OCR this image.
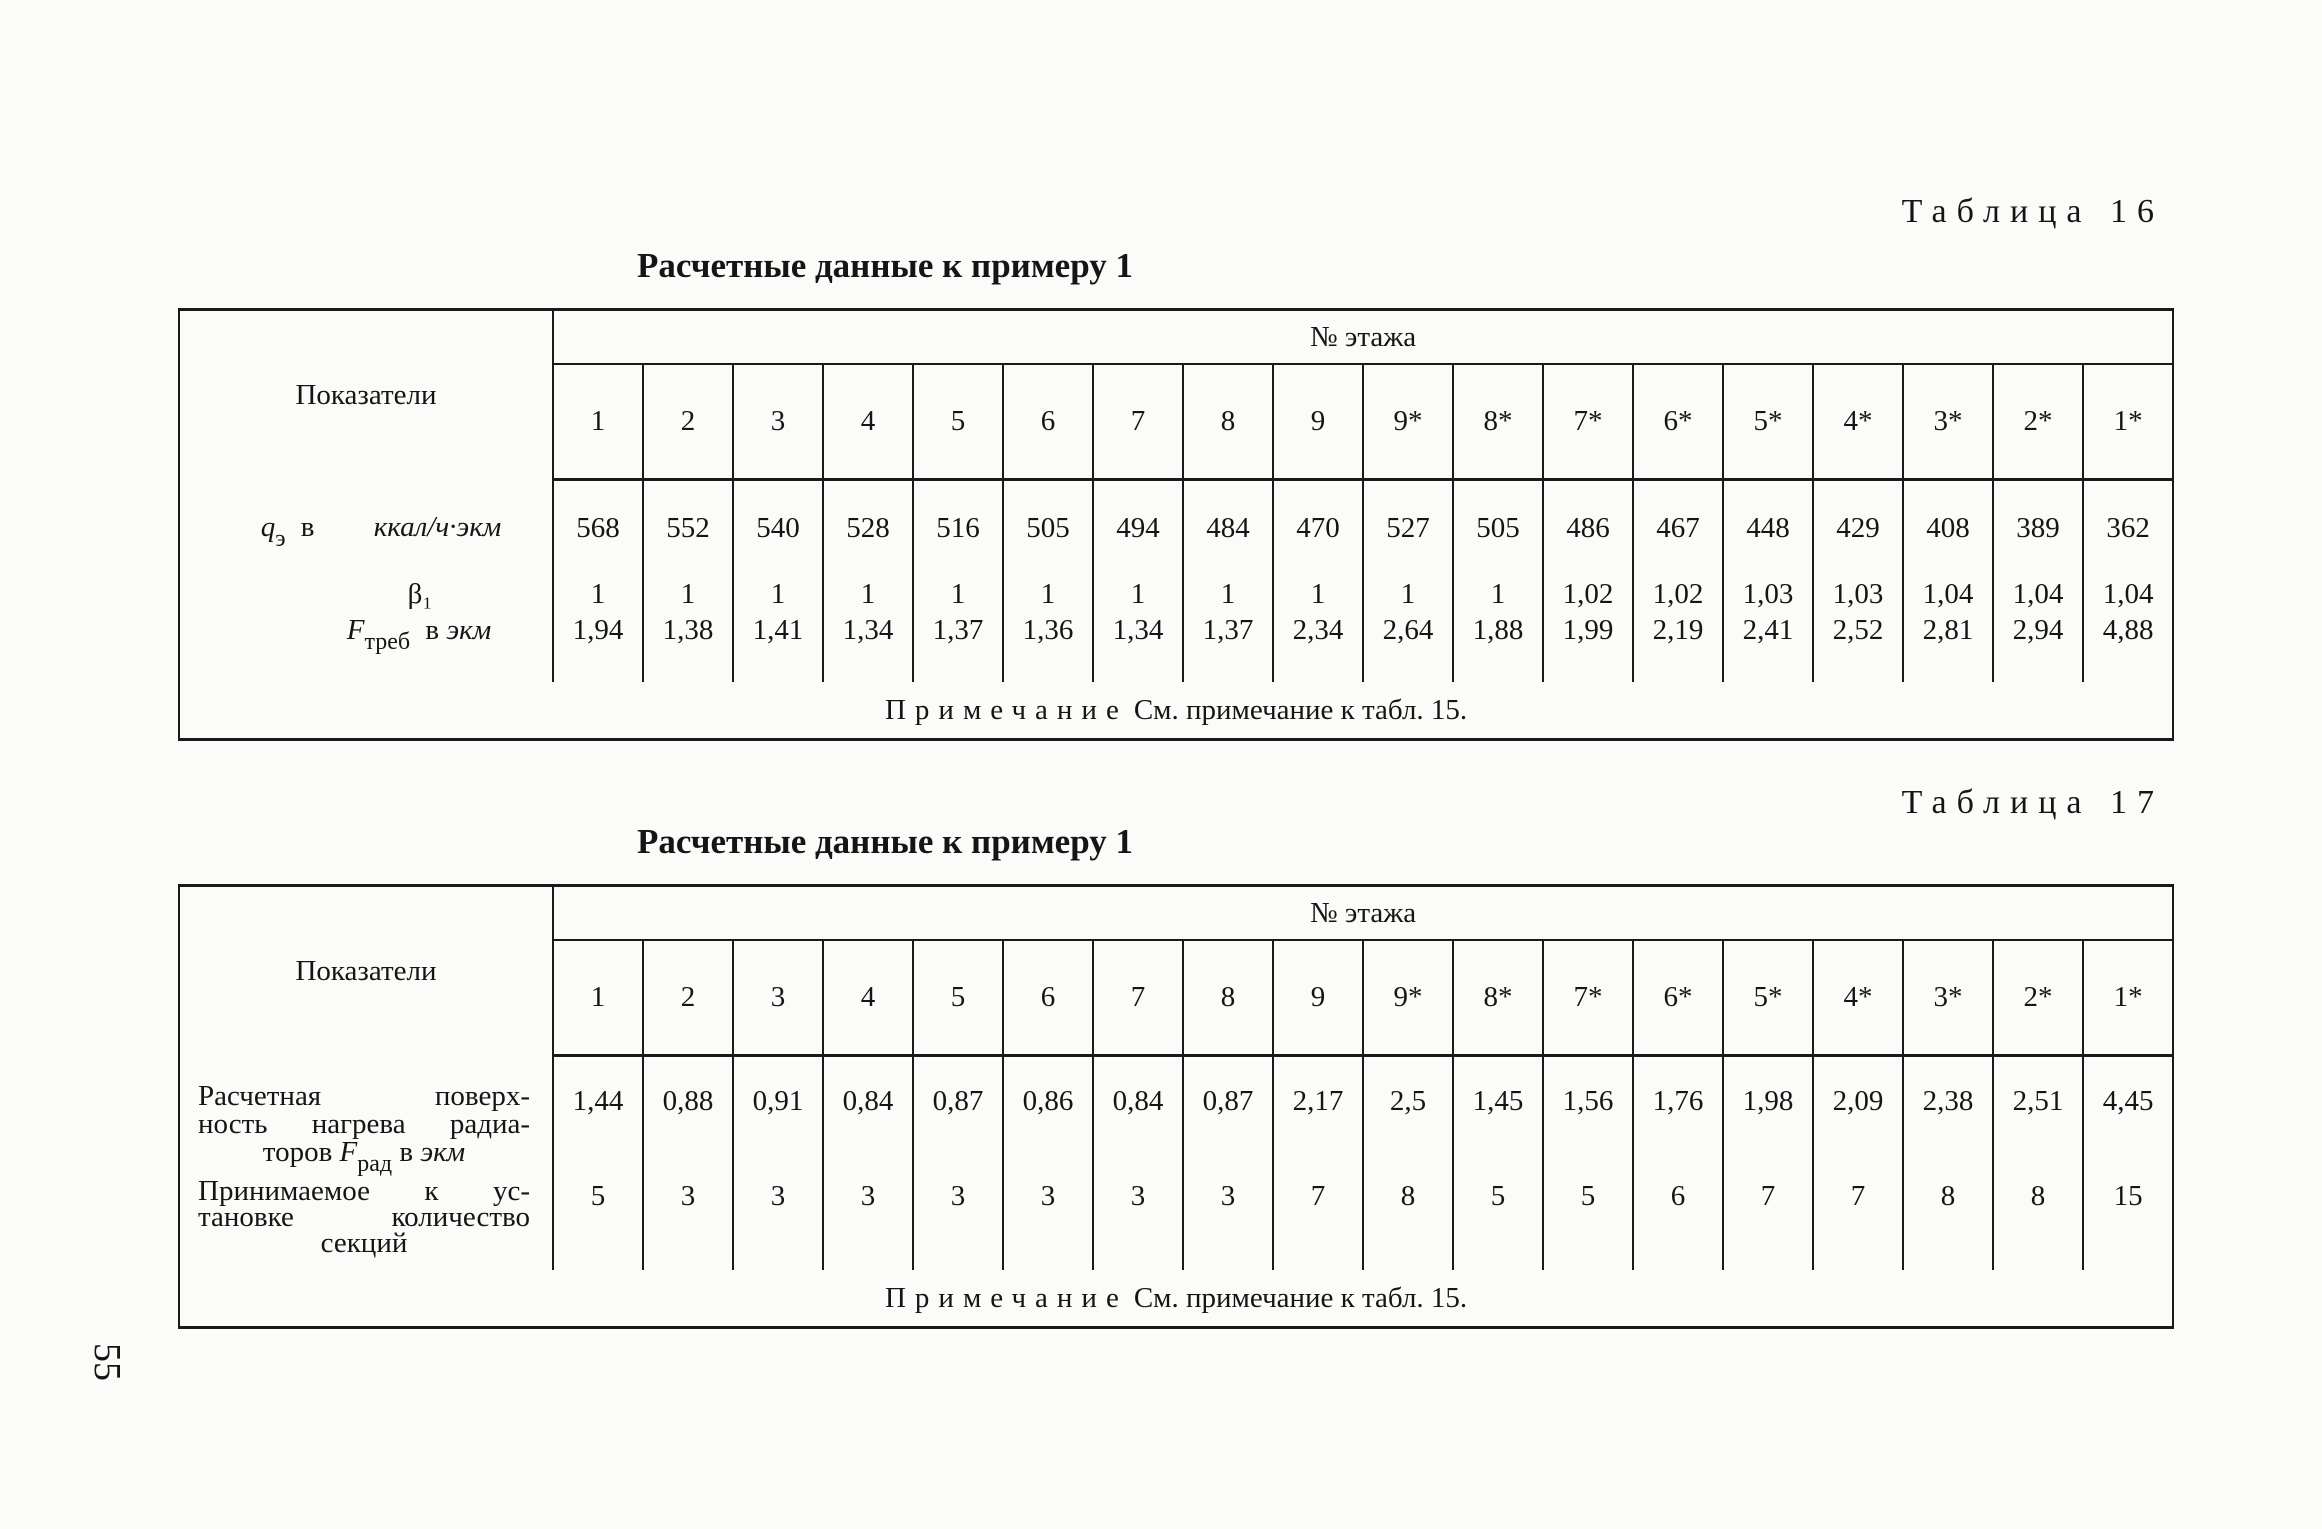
Таблица 16
Расчетные данные к примеру 1
Показатели	№ этажа																	
	1	2	3	4	5	6	7	8	9	9*	8*	7*	6*	5*	4*	3*	2*	1*
$q_э$ в ккал/ч·экм	568	552	540	528	516	505	494	484	470	527	505	486	467	448	429	408	389	362
β₁	1	1	1	1	1	1	1	1	1	1	1	1,02	1,02	1,03	1,03	1,04	1,04	1,04
$F_{треб}$ в экм	1,94	1,38	1,41	1,34	1,37	1,36	1,34	1,37	2,34	2,64	1,88	1,99	2,19	2,41	2,52	2,81	2,94	4,88
Примечание См. примечание к табл. 15.																		
Таблица 17
Расчетные данные к примеру 1
Показатели	№ этажа																	
	1	2	3	4	5	6	7	8	9	9*	8*	7*	6*	5*	4*	3*	2*	1*

Расчетная поверх-
ность нагрева радиа-
торов $F_{рад}$ в экм	1,44	0,88	0,91	0,84	0,87	0,86	0,84	0,87	2,17	2,5	1,45	1,56	1,76	1,98	2,09	2,38	2,51	4,45

Принимаемое к ус-
тановке количество
секций	5	3	3	3	3	3	3	3	7	8	5	5	6	7	7	8	8	15
Примечание См. примечание к табл. 15.																		
55
